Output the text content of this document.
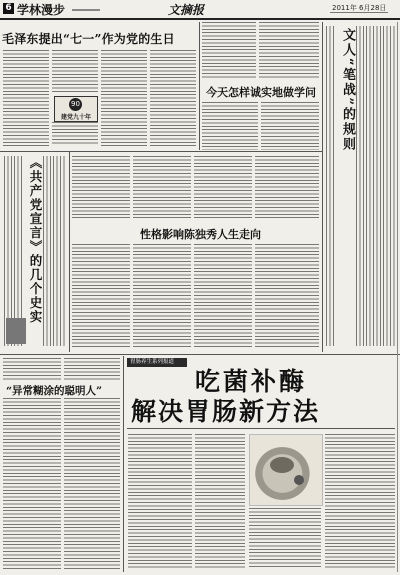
6 学林漫步	文摘报	2011年 6月28日
毛泽东提出“七一”作为党的生日
90
建党九十年
今天怎样诚实地做学问 文人“笔战”的规则
《共产党宣言》的几个史实	性格影响陈独秀人生走向
“异常糊涂的聪明人”
胃肠养生系列报道
吃菌补酶
解决胃肠新方法
